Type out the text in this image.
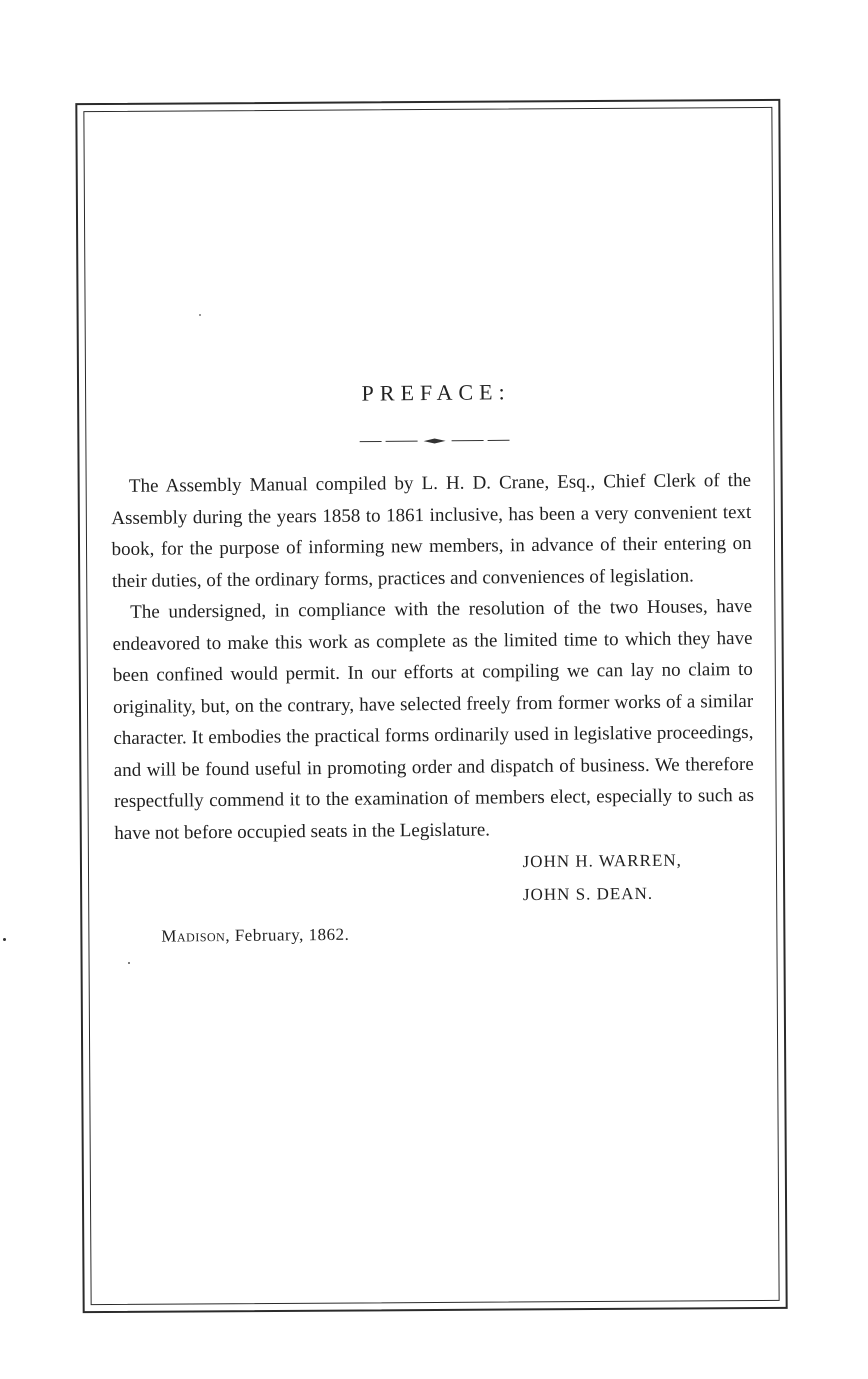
PREFACE:

The Assembly Manual compiled by L. H. D. Crane, Esq., Chief Clerk of the Assembly during the years 1858 to 1861 inclusive, has been a very convenient text book, for the purpose of informing new members, in advance of their entering on their duties, of the ordinary forms, practices and conveniences of legislation.

The undersigned, in compliance with the resolution of the two Houses, have endeavored to make this work as complete as the limited time to which they have been confined would permit. In our efforts at compiling we can lay no claim to originality, but, on the contrary, have selected freely from former works of a similar character. It embodies the practical forms ordinarily used in legislative proceedings, and will be found useful in promoting order and dispatch of business. We therefore respectfully commend it to the examination of members elect, especially to such as have not before occupied seats in the Legislature.

JOHN H. WARREN,
JOHN S. DEAN.
Madison, February, 1862.
